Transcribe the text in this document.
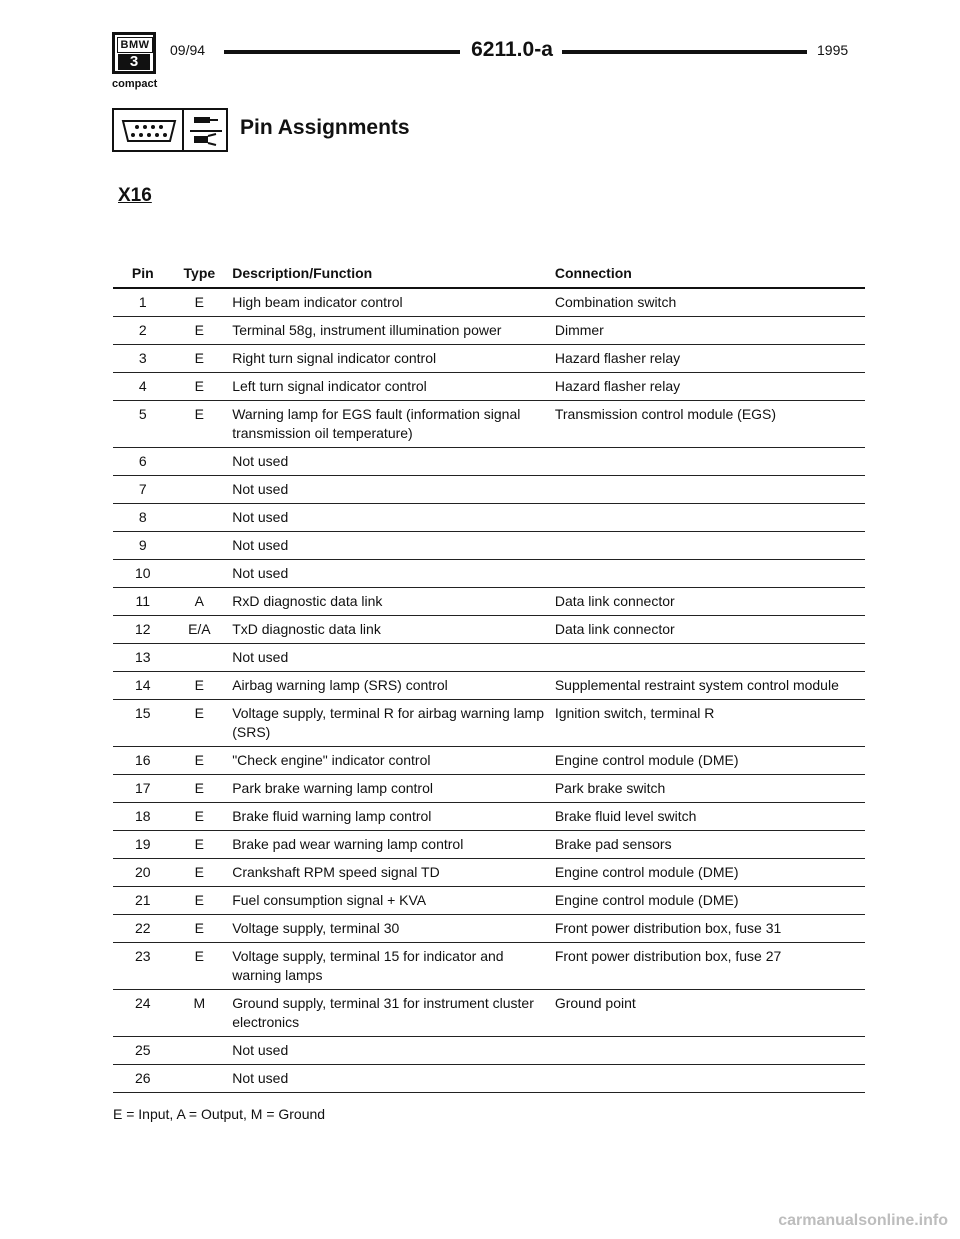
BMW
3
compact
09/94	6211.0-a	1995
Pin Assignments
X16
Pin	Type	Description/Function	Connection
1	E	High beam indicator control	Combination switch
2	E	Terminal 58g, instrument illumination power	Dimmer
3	E	Right turn signal indicator control	Hazard flasher relay
4	E	Left turn signal indicator control	Hazard flasher relay
5	E	Warning lamp for EGS fault (information signal transmission oil temperature)	Transmission control module (EGS)
6		Not used	
7		Not used	
8		Not used	
9		Not used	
10		Not used	
11	A	RxD diagnostic data link	Data link connector
12	E/A	TxD diagnostic data link	Data link connector
13		Not used	
14	E	Airbag warning lamp (SRS) control	Supplemental restraint system control module
15	E	Voltage supply, terminal R for airbag warning lamp (SRS)	Ignition switch, terminal R
16	E	"Check engine" indicator control	Engine control module (DME)
17	E	Park brake warning lamp control	Park brake switch
18	E	Brake fluid warning lamp control	Brake fluid level switch
19	E	Brake pad wear warning lamp control	Brake pad sensors
20	E	Crankshaft RPM speed signal TD	Engine control module (DME)
21	E	Fuel consumption signal + KVA	Engine control module (DME)
22	E	Voltage supply, terminal 30	Front power distribution box, fuse 31
23	E	Voltage supply, terminal 15 for indicator and warning lamps	Front power distribution box, fuse 27
24	M	Ground supply, terminal 31 for instrument cluster electronics	Ground point
25		Not used	
26		Not used	
E = Input, A = Output, M = Ground
carmanualsonline.info
